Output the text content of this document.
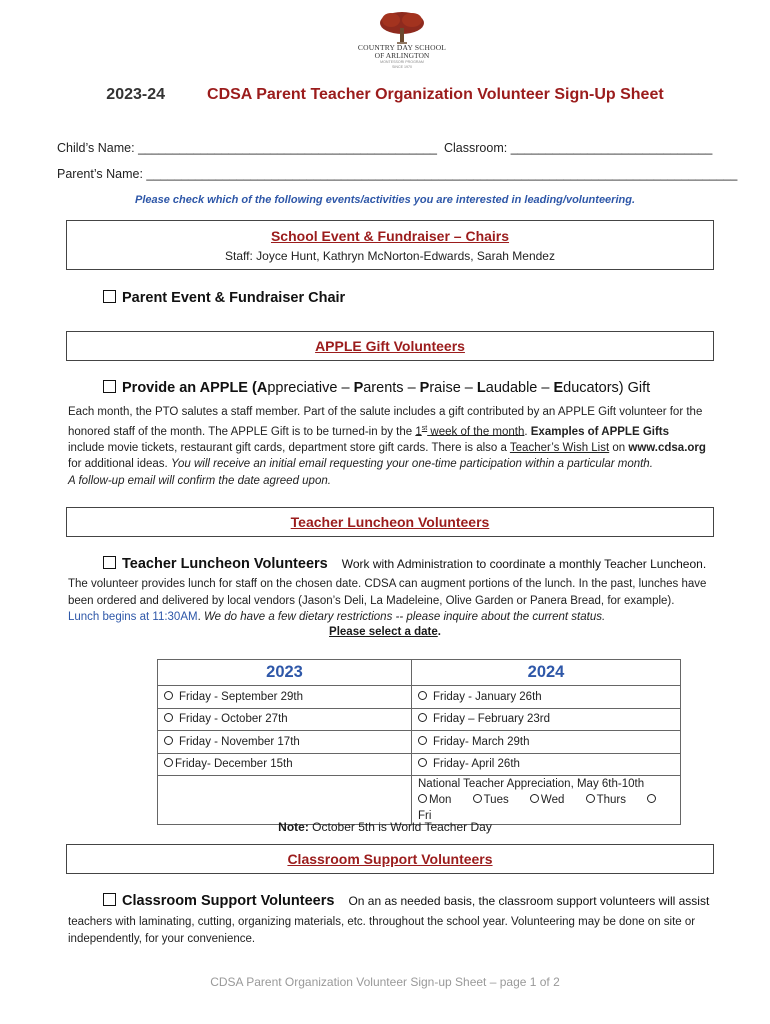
COUNTRY DAY SCHOOL
OF ARLINGTON
MONTESSORI PROGRAM
SINCE 1970
2023-24	CDSA Parent Teacher Organization Volunteer Sign-Up Sheet
Child’s Name: ___________________________________________ Classroom: _____________________________
Parent’s Name: _____________________________________________________________________________________
Please check which of the following events/activities you are interested in leading/volunteering.
School Event & Fundraiser – Chairs
Staff: Joyce Hunt, Kathryn McNorton-Edwards, Sarah Mendez
Parent Event & Fundraiser Chair
APPLE Gift Volunteers
Provide an APPLE (Appreciative – Parents – Praise – Laudable – Educators) Gift
Each month, the PTO salutes a staff member. Part of the salute includes a gift contributed by an APPLE Gift volunteer for the honored staff of the month. The APPLE Gift is to be turned-in by the 1st week of the month. Examples of APPLE Gifts include movie tickets, restaurant gift cards, department store gift cards. There is also a Teacher’s Wish List on www.cdsa.org for additional ideas. You will receive an initial email requesting your one-time participation within a particular month.
A follow-up email will confirm the date agreed upon.
Teacher Luncheon Volunteers
Teacher Luncheon Volunteers Work with Administration to coordinate a monthly Teacher Luncheon.
The volunteer provides lunch for staff on the chosen date. CDSA can augment portions of the lunch. In the past, lunches have been ordered and delivered by local vendors (Jason’s Deli, La Madeleine, Olive Garden or Panera Bread, for example).
Lunch begins at 11:30AM. We do have a few dietary restrictions -- please inquire about the current status.
Please select a date.
2023	2024
Friday - September 29th	Friday - January 26th
Friday - October 27th	Friday – February 23rd
Friday - November 17th	Friday- March 29th
Friday- December 15th	Friday- April 26th

	National Teacher Appreciation, May 6th-10th
Mon Tues Wed Thurs Fri
Note: October 5th is World Teacher Day
Classroom Support Volunteers
Classroom Support Volunteers On an as needed basis, the classroom support volunteers will assist
teachers with laminating, cutting, organizing materials, etc. throughout the school year. Volunteering may be done on site or independently, for your convenience.
CDSA Parent Organization Volunteer Sign-up Sheet – page 1 of 2
